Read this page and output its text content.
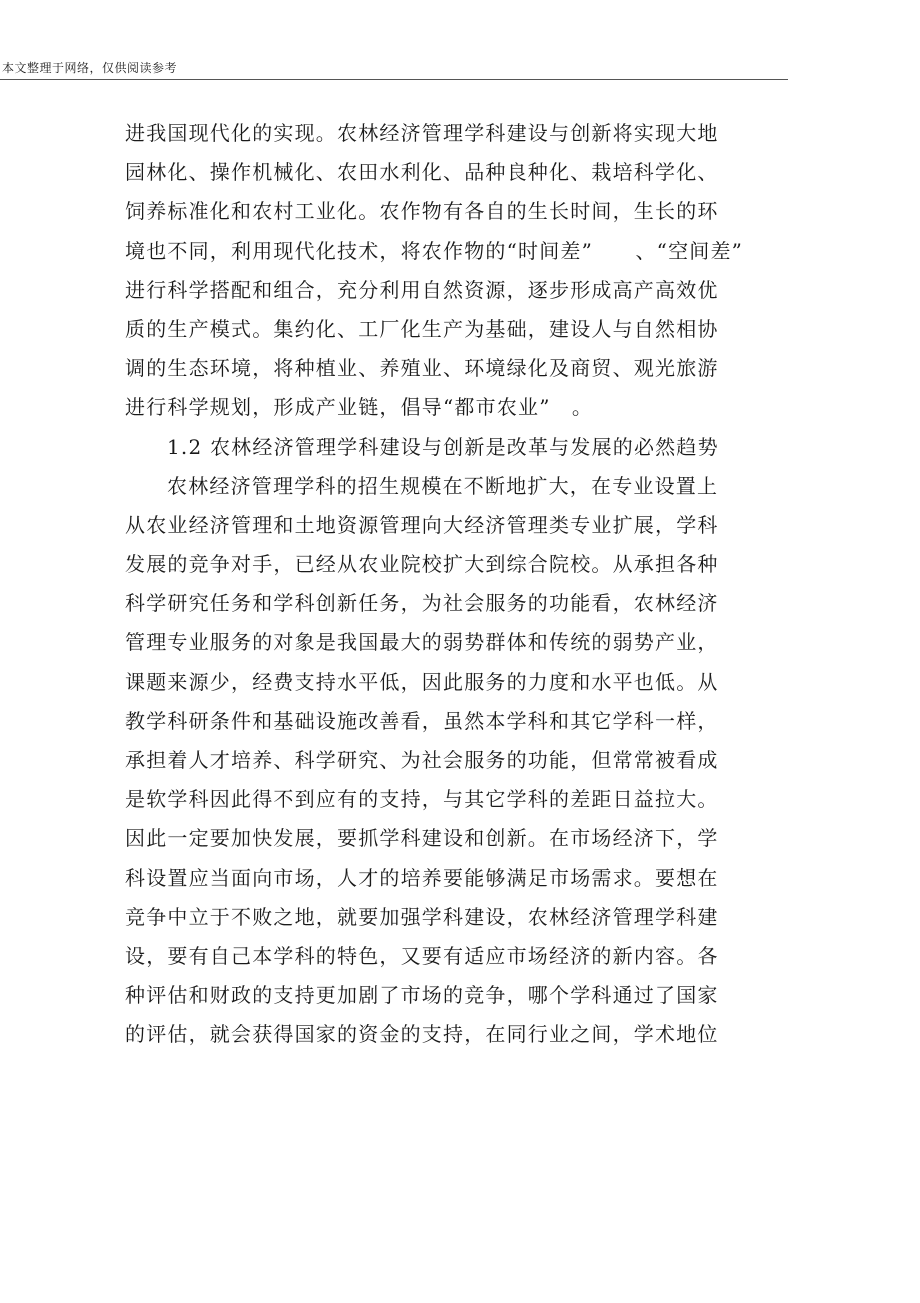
本文整理于网络，仅供阅读参考
进我国现代化的实现。农林经济管理学科建设与创新将实现大地
园林化、操作机械化、农田水利化、品种良种化、栽培科学化、
饲养标准化和农村工业化。农作物有各自的生长时间，生长的环
境也不同，利用现代化技术，将农作物的“时间差”　　、“空间差”
进行科学搭配和组合，充分利用自然资源，逐步形成高产高效优
质的生产模式。集约化、工厂化生产为基础，建设人与自然相协
调的生态环境，将种植业、养殖业、环境绿化及商贸、观光旅游
进行科学规划，形成产业链，倡导“都市农业”　。
1.2 农林经济管理学科建设与创新是改革与发展的必然趋势
农林经济管理学科的招生规模在不断地扩大，在专业设置上
从农业经济管理和土地资源管理向大经济管理类专业扩展，学科
发展的竞争对手，已经从农业院校扩大到综合院校。从承担各种
科学研究任务和学科创新任务，为社会服务的功能看，农林经济
管理专业服务的对象是我国最大的弱势群体和传统的弱势产业，
课题来源少，经费支持水平低，因此服务的力度和水平也低。从
教学科研条件和基础设施改善看，虽然本学科和其它学科一样，
承担着人才培养、科学研究、为社会服务的功能，但常常被看成
是软学科因此得不到应有的支持，与其它学科的差距日益拉大。
因此一定要加快发展，要抓学科建设和创新。在市场经济下，学
科设置应当面向市场，人才的培养要能够满足市场需求。要想在
竞争中立于不败之地，就要加强学科建设，农林经济管理学科建
设，要有自己本学科的特色，又要有适应市场经济的新内容。各
种评估和财政的支持更加剧了市场的竞争，哪个学科通过了国家
的评估，就会获得国家的资金的支持，在同行业之间，学术地位
